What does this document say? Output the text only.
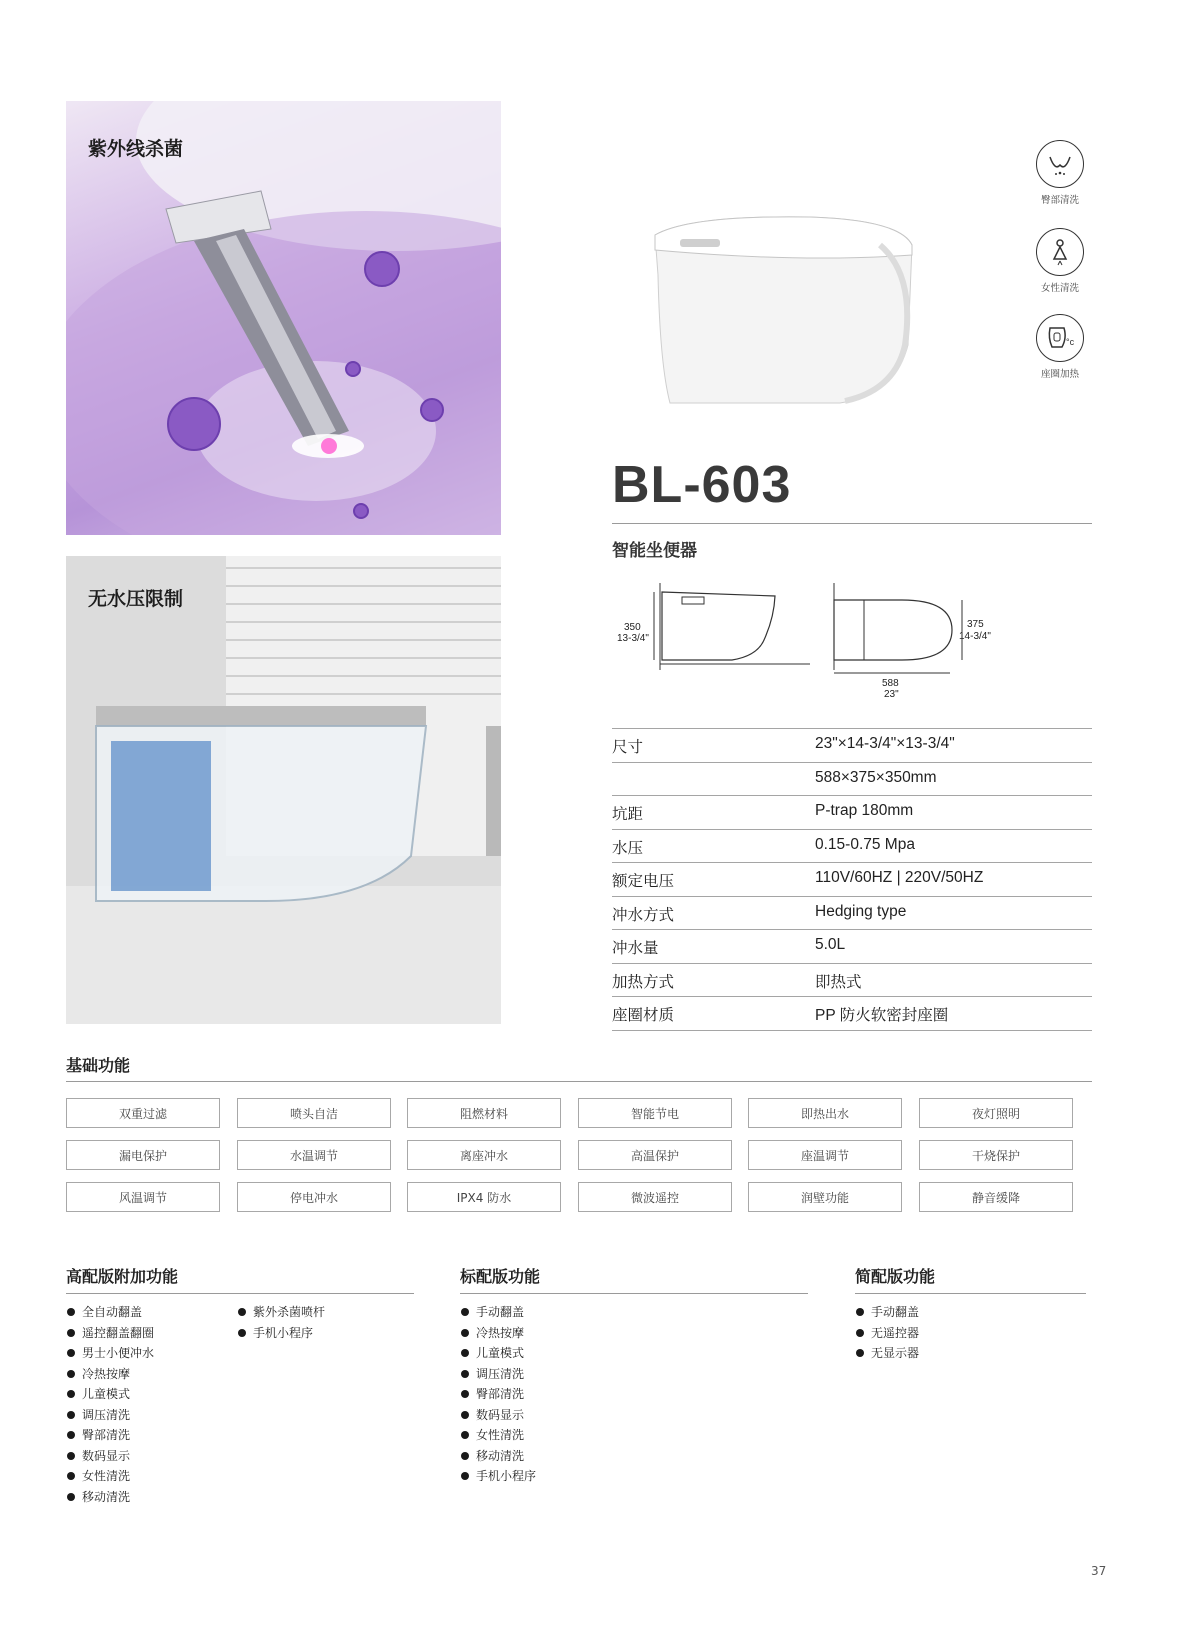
紫外线杀菌
无水压限制
臀部清洗
女性清洗
°c
座圈加热
BL-603
智能坐便器
350
13-3/4"
375
14-3/4"
588
23"
尺寸	23"×14-3/4"×13-3/4"
588×375×350mm
坑距	P-trap 180mm
水压	0.15-0.75 Mpa
额定电压	110V/60HZ | 220V/50HZ
冲水方式	Hedging type
冲水量	5.0L
加热方式	即热式
座圈材质	PP 防火软密封座圈
基础功能
双重过滤	喷头自洁	阻燃材料	智能节电	即热出水	夜灯照明
漏电保护	水温调节	离座冲水	高温保护	座温调节	干烧保护
风温调节	停电冲水	IPX4 防水	微波遥控	润壁功能	静音缓降
高配版附加功能
全自动翻盖
遥控翻盖翻圈
男士小便冲水
冷热按摩
儿童模式
调压清洗
臀部清洗
数码显示
女性清洗
移动清洗
紫外杀菌喷杆
手机小程序
标配版功能
手动翻盖
冷热按摩
儿童模式
调压清洗
臀部清洗
数码显示
女性清洗
移动清洗
手机小程序
简配版功能
手动翻盖
无遥控器
无显示器
37
